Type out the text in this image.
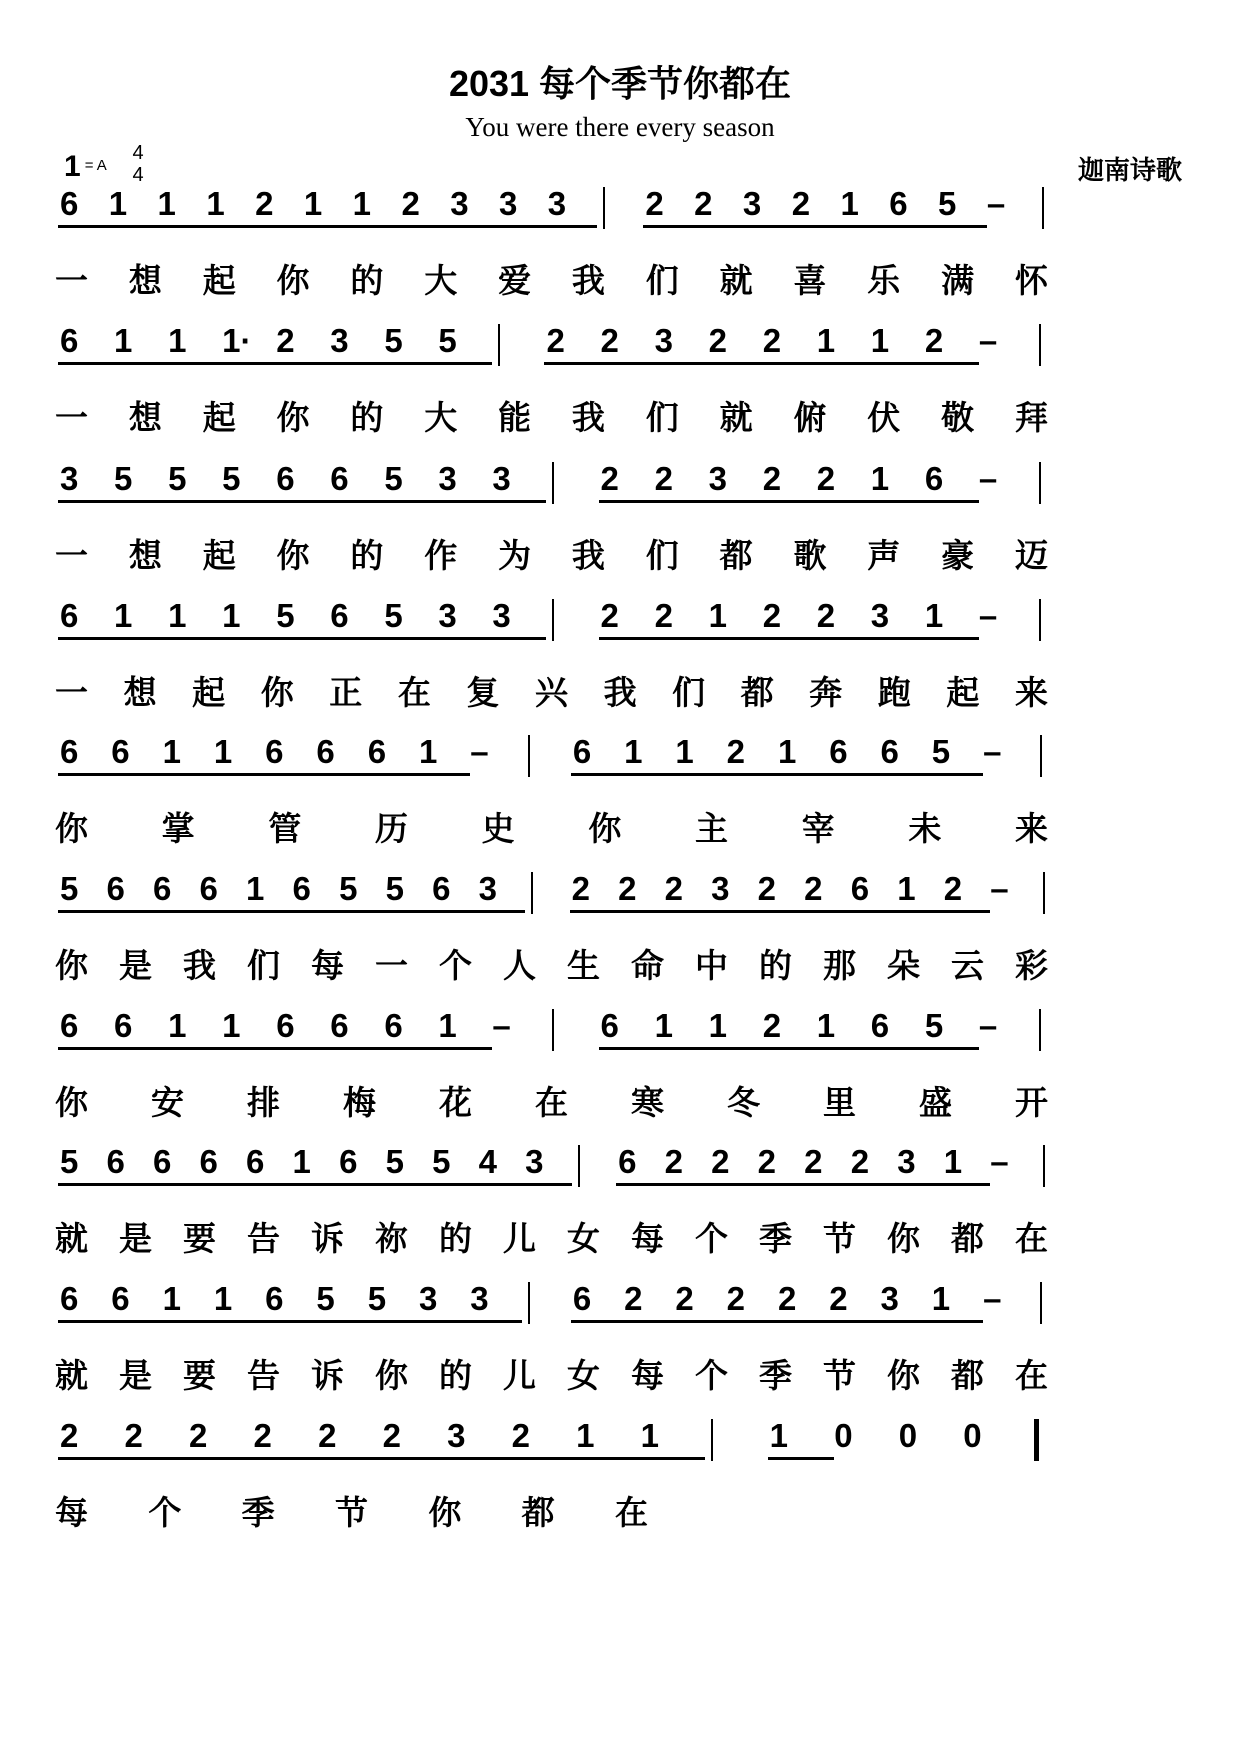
2031 每个季节你都在
You were there every season
1 $^{= A}$
4
4	迦南诗歌
6 1 1 1 2 1 1 2 3 3 3 2 2 3 2 1 6 5 –
一 想 起 你 的 大 爱 我 们 就 喜 乐 满 怀
6 1 1 1· 2 3 5 5	2 2 3 2 2 1 1 2 –
一 想 起 你 的 大 能 我 们 就 俯 伏 敬 拜
3 5 5 5 6 6 5 3 3	2 2 3 2 2 1 6 –
一 想 起 你 的 作 为 我 们 都 歌 声 豪 迈
6 1 1 1 5 6 5 3 3	2 2 1 2 2 3 1 –
一 想 起 你 正 在 复 兴 我 们 都 奔 跑 起 来
6 6 1 1 6 6 6 1 –	6 1 1 2 1 6 6 5 –
你 掌 管 历 史 你 主 宰 未 来
5 6 6 6 1 6 5 5 6 3 2 2 2 3 2 2 6 1 2 –
你 是 我 们 每 一 个 人 生 命 中 的 那 朵 云 彩
6 6 1 1 6 6 6 1 –	6 1 1 2 1 6 5 –
你 安 排 梅 花 在 寒 冬 里 盛 开
5 6 6 6 6 1 6 5 5 4 3 6 2 2 2 2 2 3 1 –
就 是 要 告 诉 祢 的 儿 女 每 个 季 节 你 都 在
6 6 1 1 6 5 5 3 3	6 2 2 2 2 2 3 1 –
就 是 要 告 诉 你 的 儿 女 每 个 季 节 你 都 在
2 2 2 2 2 2 3 2 1 1	1 0 0 0
每 个 季 节 你 都 在
